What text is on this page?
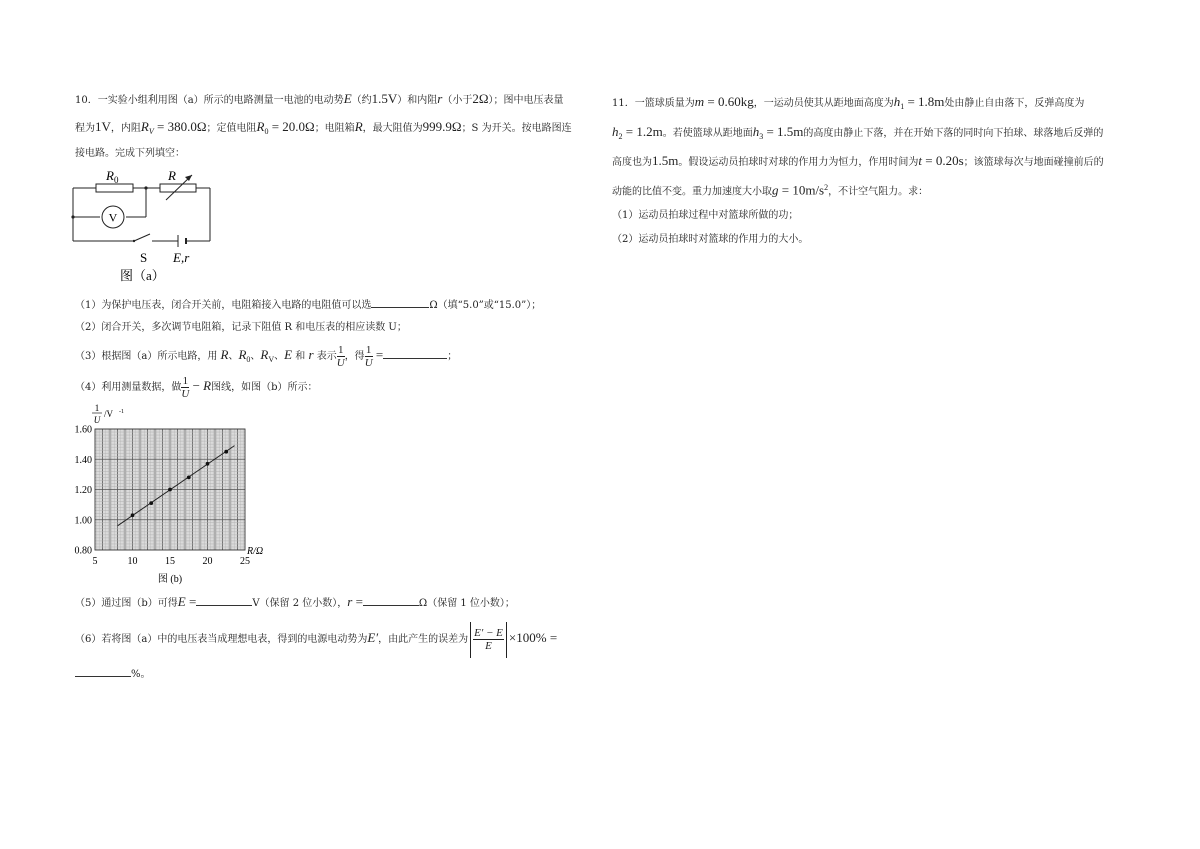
10．一实验小组利用图（a）所示的电路测量一电池的电动势E（约1.5V）和内阻r（小于2Ω）；图中电压表量
程为1V，内阻$R_V = 380.0\Omega$；定值电阻$R_0 = 20.0\Omega$；电阻箱R，最大阻值为999.9Ω；S 为开关。按电路图连
接电路。完成下列填空：
V
$R_0$	R
S E,r
图（a）
（1）为保护电压表，闭合开关前，电阻箱接入电路的电阻值可以选	Ω（填“5.0”或“15.0”）；
（2）闭合开关，多次调节电阻箱，记录下阻值 R 和电压表的相应读数 U；
（3）根据图（a）所示电路，用 R、$R_0$、$R_V$、E 和 r 表示 $\frac{1}{U}$ ，得 $\frac{1}{U}$ =	；
（4）利用测量数据，做 $\frac{1}{U} - R$图线，如图（b）所示：
5	10	15	20	25
0.80
1.00
1.20
1.40
1.60
R/Ω
1
U
/V -1
图 (b)
（5）通过图（b）可得E =	V（保留 2 位小数），r =	Ω（保留 1 位小数）；
（6）若将图（a）中的电压表当成理想电表，得到的电源电动势为E′，由此产生的误差为 $\frac{E' - E}{E} \times 100\%$ =
%。
11．一篮球质量为m = 0.60kg，一运动员使其从距地面高度为$h_1 = 1.8m$处由静止自由落下，反弹高度为
$h_2 = 1.2m$。若使篮球从距地面$h_3 = 1.5m$的高度由静止下落，并在开始下落的同时向下拍球、球落地后反弹的
高度也为1.5m。假设运动员拍球时对球的作用力为恒力，作用时间为t = 0.20s；该篮球每次与地面碰撞前后的
动能的比值不变。重力加速度大小取$g = 10m/s^2$，不计空气阻力。求：
（1）运动员拍球过程中对篮球所做的功；
（2）运动员拍球时对篮球的作用力的大小。
